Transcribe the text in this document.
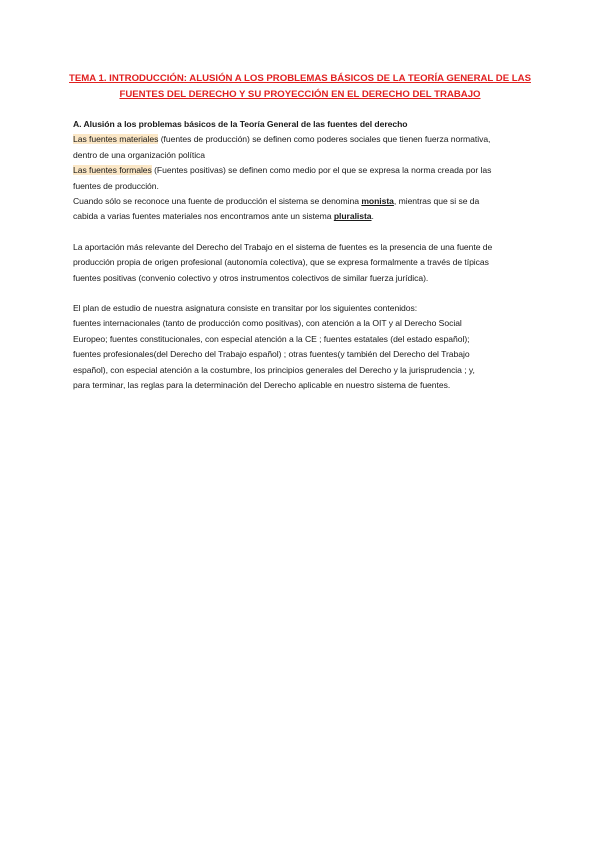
TEMA 1. INTRODUCCIÓN: ALUSIÓN A LOS PROBLEMAS BÁSICOS DE LA TEORÍA GENERAL DE LAS
FUENTES DEL DERECHO Y SU PROYECCIÓN EN EL DERECHO DEL TRABAJO

A. Alusión a los problemas básicos de la Teoría General de las fuentes del derecho

Las fuentes materiales (fuentes de producción) se definen como poderes sociales que tienen fuerza normativa,

dentro de una organización política

Las fuentes formales (Fuentes positivas) se definen como medio por el que se expresa la norma creada por las

fuentes de producción.

Cuando sólo se reconoce una fuente de producción el sistema se denomina monista, mientras que si se da

cabida a varias fuentes materiales nos encontramos ante un sistema pluralista.

La aportación más relevante del Derecho del Trabajo en el sistema de fuentes es la presencia de una fuente de

producción propia de origen profesional (autonomía colectiva), que se expresa formalmente a través de típicas

fuentes positivas (convenio colectivo y otros instrumentos colectivos de similar fuerza jurídica).

El plan de estudio de nuestra asignatura consiste en transitar por los siguientes contenidos:

fuentes internacionales (tanto de producción como positivas), con atención a la OIT y al Derecho Social

Europeo; fuentes constitucionales, con especial atención a la CE ; fuentes estatales (del estado español);

fuentes profesionales(del Derecho del Trabajo español) ; otras fuentes(y también del Derecho del Trabajo

español), con especial atención a la costumbre, los principios generales del Derecho y la jurisprudencia ; y,

para terminar, las reglas para la determinación del Derecho aplicable en nuestro sistema de fuentes.
